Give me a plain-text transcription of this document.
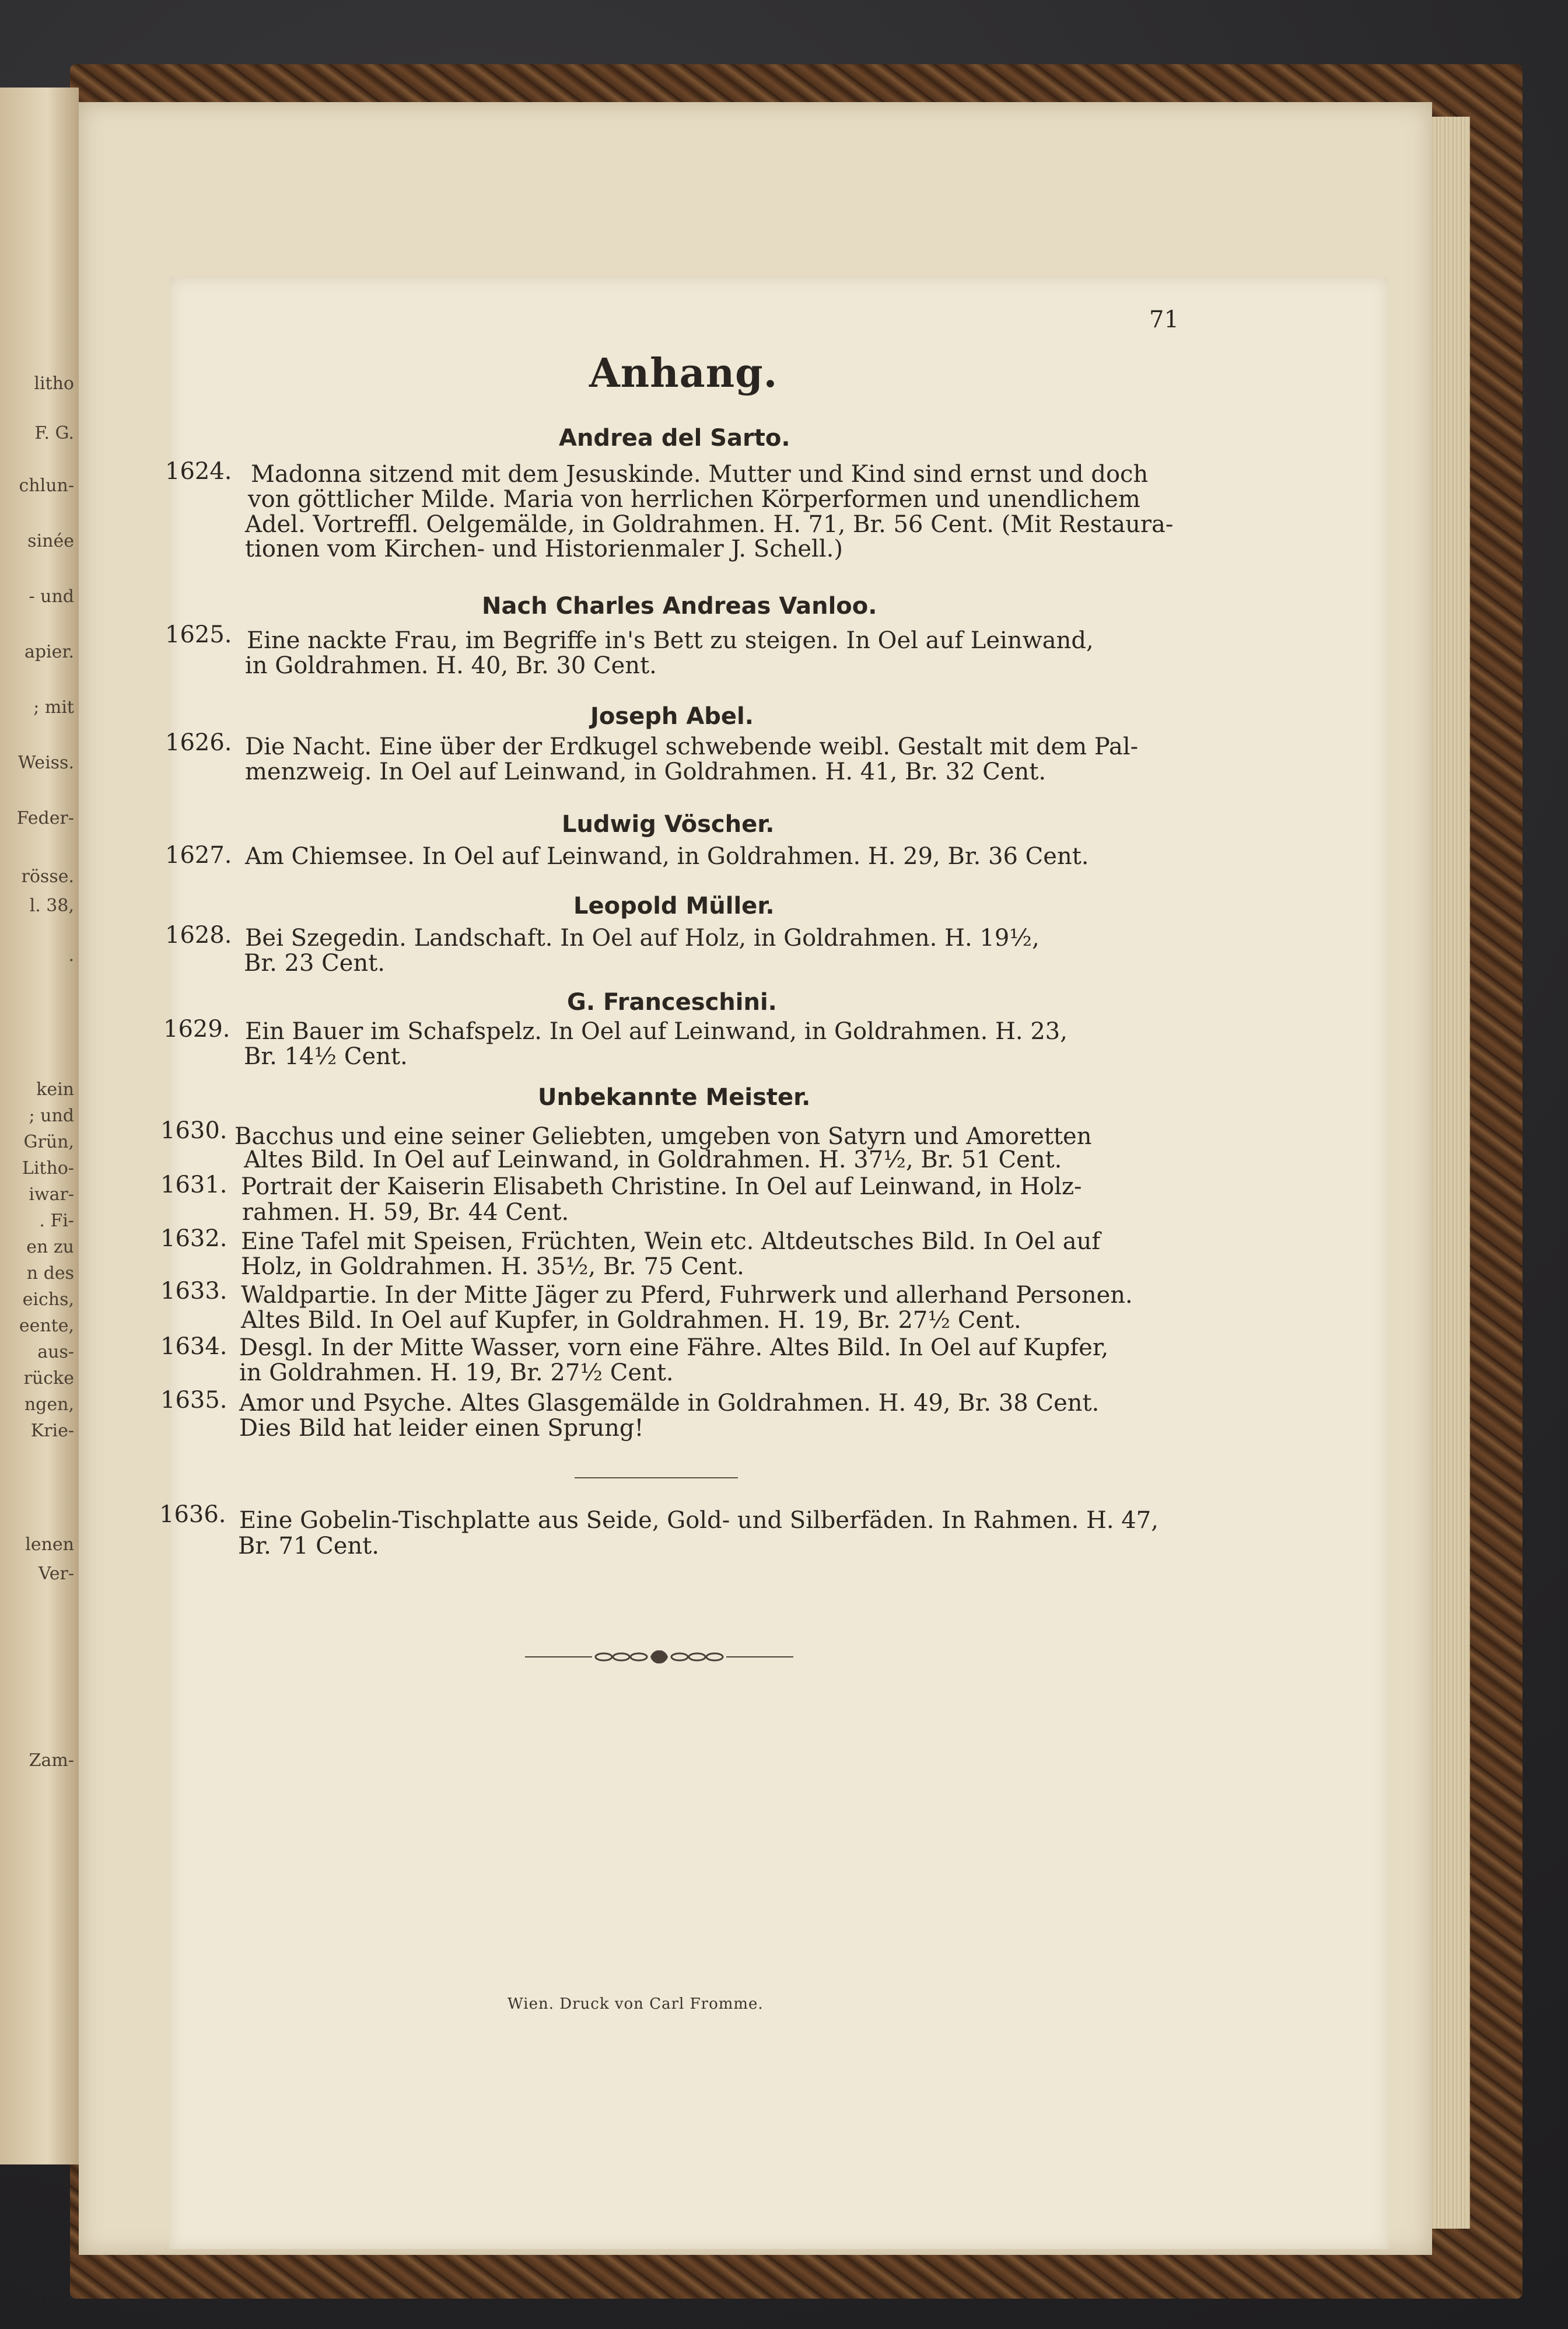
litho
F. G.
chlun-
sinée
- und
apier.
; mit
Weiss.
Feder-
rösse.
l. 38,
.
kein
; und
Grün,
Litho-
iwar-
. Fi-
en zu
n des
eichs,
eente,
aus-
rücke
ngen,
Krie-
lenen
Ver-
Zam-
71
Anhang.
Andrea del Sarto.
1624. Madonna sitzend mit dem Jesuskinde. Mutter und Kind sind ernst und doch
von göttlicher Milde. Maria von herrlichen Körperformen und unendlichem
Adel. Vortreffl. Oelgemälde, in Goldrahmen. H. 71, Br. 56 Cent. (Mit Restaura-
tionen vom Kirchen- und Historienmaler J. Schell.)
Nach Charles Andreas Vanloo.
1625. Eine nackte Frau, im Begriffe in's Bett zu steigen. In Oel auf Leinwand,
in Goldrahmen. H. 40, Br. 30 Cent.
Joseph Abel.
1626. Die Nacht. Eine über der Erdkugel schwebende weibl. Gestalt mit dem Pal-
menzweig. In Oel auf Leinwand, in Goldrahmen. H. 41, Br. 32 Cent.
Ludwig Vöscher.
1627. Am Chiemsee. In Oel auf Leinwand, in Goldrahmen. H. 29, Br. 36 Cent.
Leopold Müller.
1628. Bei Szegedin. Landschaft. In Oel auf Holz, in Goldrahmen. H. 19½,
Br. 23 Cent.
G. Franceschini.
1629. Ein Bauer im Schafspelz. In Oel auf Leinwand, in Goldrahmen. H. 23,
Br. 14½ Cent.
Unbekannte Meister.
1630. Bacchus und eine seiner Geliebten, umgeben von Satyrn und Amoretten
Altes Bild. In Oel auf Leinwand, in Goldrahmen. H. 37½, Br. 51 Cent.
1631. Portrait der Kaiserin Elisabeth Christine. In Oel auf Leinwand, in Holz-
rahmen. H. 59, Br. 44 Cent.
1632. Eine Tafel mit Speisen, Früchten, Wein etc. Altdeutsches Bild. In Oel auf
Holz, in Goldrahmen. H. 35½, Br. 75 Cent.
1633. Waldpartie. In der Mitte Jäger zu Pferd, Fuhrwerk und allerhand Personen.
Altes Bild. In Oel auf Kupfer, in Goldrahmen. H. 19, Br. 27½ Cent.
1634. Desgl. In der Mitte Wasser, vorn eine Fähre. Altes Bild. In Oel auf Kupfer,
in Goldrahmen. H. 19, Br. 27½ Cent.
1635. Amor und Psyche. Altes Glasgemälde in Goldrahmen. H. 49, Br. 38 Cent.
Dies Bild hat leider einen Sprung!
1636. Eine Gobelin-Tischplatte aus Seide, Gold- und Silberfäden. In Rahmen. H. 47,
Br. 71 Cent.
Wien. Druck von Carl Fromme.
